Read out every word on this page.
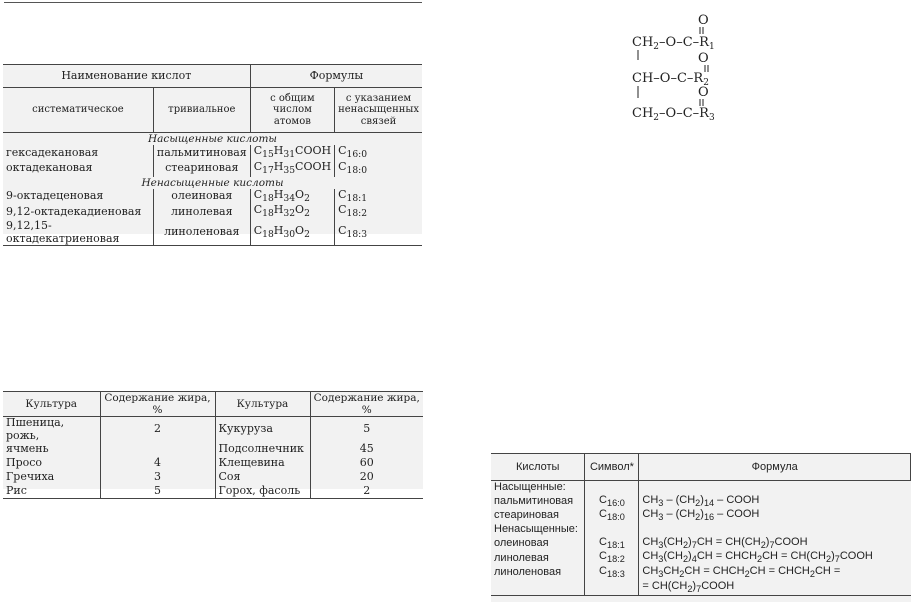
Наименование кислот		Формулы	
систематическое	тривиальное	с общим числом атомов	с указанием ненасыщенных связей
Насыщенные кислоты			
гексадекановая	пальмитиновая	$C_{15}H_{31}COOH$	$C_{16:0}$
октадекановая	стеариновая	$C_{17}H_{35}COOH$	$C_{18:0}$
Ненасыщенные кислоты			
9-октадеценовая	олеиновая	$C_{18}H_{34}O_2$	$C_{18:1}$
9,12-октадекадиеновая	линолевая	$C_{18}H_{32}O_2$	$C_{18:2}$
9,12,15-октадекатриеновая	линоленовая	$C_{18}H_{30}O_2$	$C_{18:3}$
O
$CH_2-O-C-R_1$
O
$CH-O-C-R_2$
O
$CH_2-O-C-R_3$
Культура	Содержание жира, %	Культура	Содержание жира, %
Пшеница, рожь,	2	Кукуруза	5
ячмень		Подсолнечник	45
Просо	4	Клещевина	60
Гречиха	3	Соя	20
Рис	5	Горох, фасоль	2
Кислоты	Символ*	Формула
Насыщенные:		
пальмитиновая	$C_{16:0}$	$CH_3 - (CH_2)_{14}$ – COOH
стеариновая	$C_{18:0}$	$CH_3 - (CH_2)_{16}$ – COOH
Ненасыщенные:		
олеиновая	$C_{18:1}$	$CH_3(CH_2)_7CH$ = $CH(CH_2)_7COOH$
линолевая	$C_{18:2}$	$CH_3(CH_2)_4CH$ = $CHCH_2CH$ = $CH(CH_2)_7COOH$
линоленовая	$C_{18:3}$	$CH_3CH_2CH$ = $CHCH_2CH$ = $CHCH_2CH$ =
		= $CH(CH_2)_7COOH$
